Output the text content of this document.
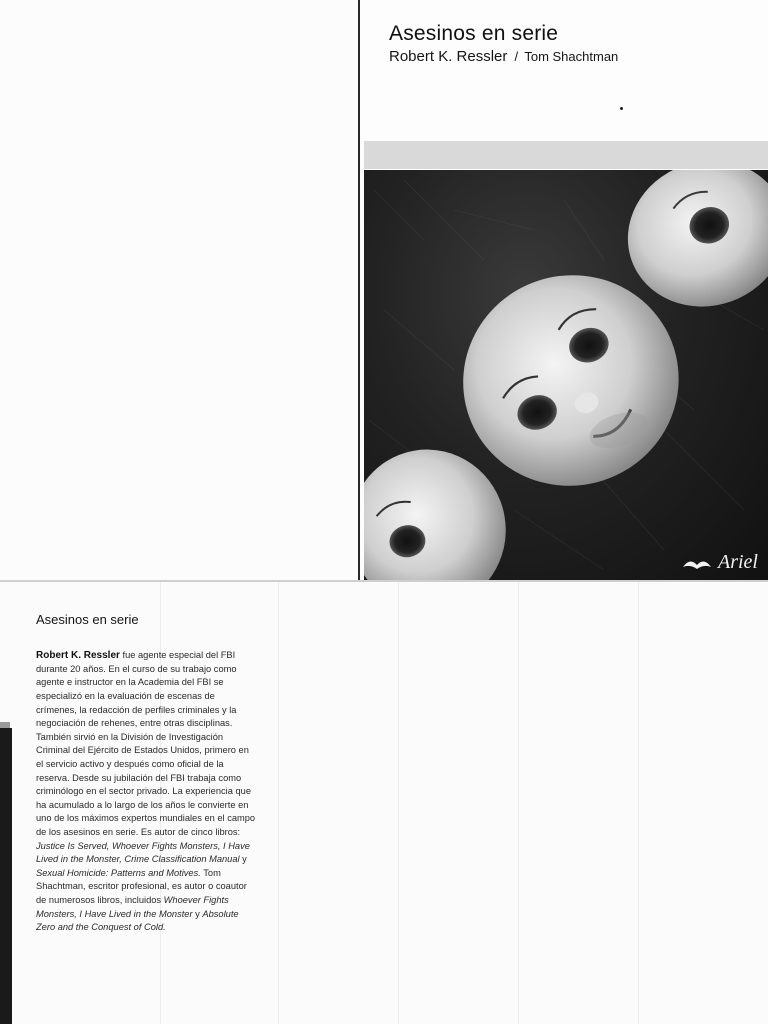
Asesinos en serie
Robert K. Ressler / Tom Shachtman
Ariel
Asesinos en serie

Robert K. Ressler fue agente especial del FBI durante 20 años. En el curso de su trabajo como agente e instructor en la Academia del FBI se especializó en la evaluación de escenas de crímenes, la redacción de perfiles criminales y la negociación de rehenes, entre otras disciplinas. También sirvió en la División de Investigación Criminal del Ejército de Estados Unidos, primero en el servicio activo y después como oficial de la reserva. Desde su jubilación del FBI trabaja como criminólogo en el sector privado. La experiencia que ha acumulado a lo largo de los años le convierte en uno de los máximos expertos mundiales en el campo de los asesinos en serie. Es autor de cinco libros: Justice Is Served, Whoever Fights Monsters, I Have Lived in the Monster, Crime Classification Manual y Sexual Homicide: Patterns and Motives. Tom Shachtman, escritor profesional, es autor o coautor de numerosos libros, incluidos Whoever Fights Monsters, I Have Lived in the Monster y Absolute Zero and the Conquest of Cold.
